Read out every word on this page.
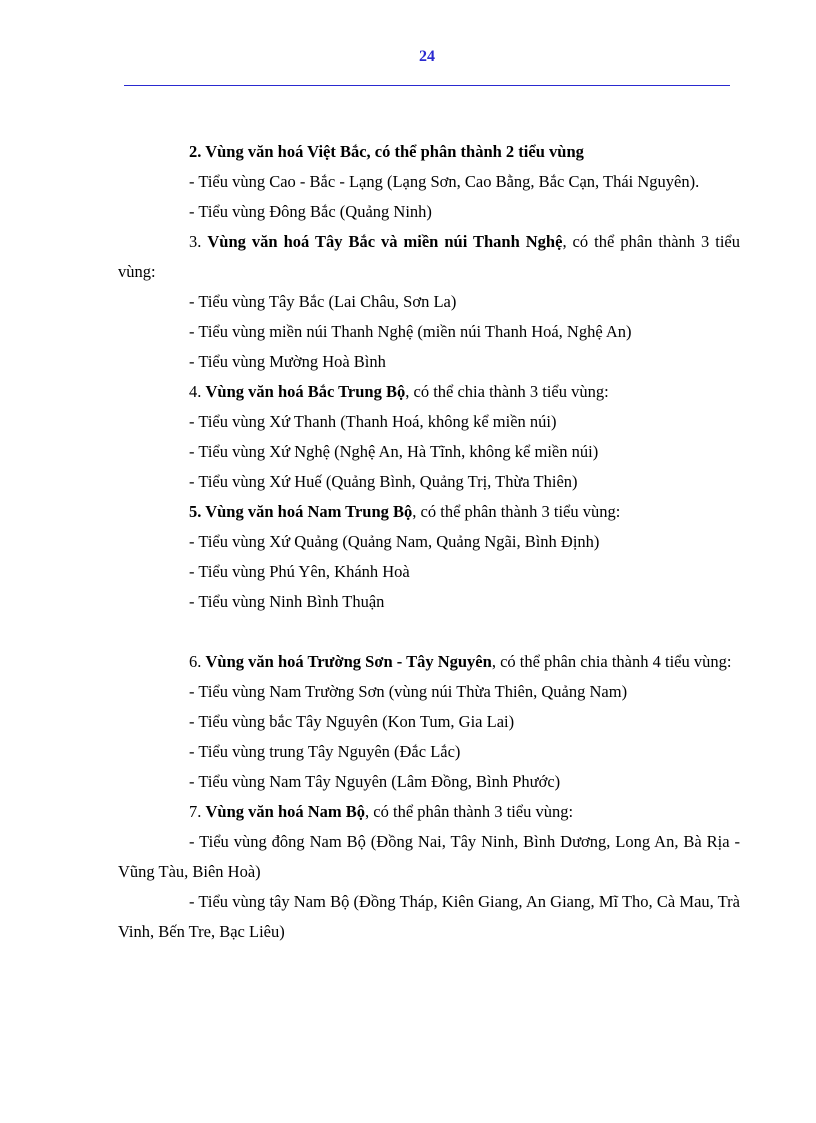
24
2. Vùng văn hoá Việt Bắc, có thể phân thành 2 tiểu vùng
- Tiểu vùng Cao - Bắc - Lạng (Lạng Sơn, Cao Bằng, Bắc Cạn, Thái Nguyên).
- Tiểu vùng Đông Bắc (Quảng Ninh)
3. Vùng văn hoá Tây Bắc và miền núi Thanh Nghệ, có thể phân thành 3 tiểu vùng:
- Tiểu vùng Tây Bắc (Lai Châu, Sơn La)
- Tiểu vùng miền núi Thanh Nghệ (miền núi Thanh Hoá, Nghệ An)
- Tiểu vùng Mường Hoà Bình
4. Vùng văn hoá Bắc Trung Bộ, có thể chia thành 3 tiểu vùng:
- Tiểu vùng Xứ Thanh (Thanh Hoá, không kể miền núi)
- Tiểu vùng Xứ Nghệ (Nghệ An, Hà Tĩnh, không kể miền núi)
- Tiểu vùng Xứ Huế (Quảng Bình, Quảng Trị, Thừa Thiên)
5. Vùng văn hoá Nam Trung Bộ, có thể phân thành 3 tiểu vùng:
- Tiểu vùng Xứ Quảng (Quảng Nam, Quảng Ngãi, Bình Định)
- Tiểu vùng Phú Yên, Khánh Hoà
- Tiểu vùng Ninh Bình Thuận
6. Vùng văn hoá Trường Sơn - Tây Nguyên, có thể phân chia thành 4 tiểu vùng:
- Tiểu vùng Nam Trường Sơn (vùng núi Thừa Thiên, Quảng Nam)
- Tiểu vùng bắc Tây Nguyên (Kon Tum, Gia Lai)
- Tiểu vùng trung Tây Nguyên (Đắc Lắc)
- Tiểu vùng Nam Tây Nguyên (Lâm Đồng, Bình Phước)
7. Vùng văn hoá Nam Bộ, có thể phân thành 3 tiểu vùng:
- Tiểu vùng đông Nam Bộ (Đồng Nai, Tây Ninh, Bình Dương, Long An, Bà Rịa - Vũng Tàu, Biên Hoà)
- Tiểu vùng tây Nam Bộ (Đồng Tháp, Kiên Giang, An Giang, Mĩ Tho, Cà Mau, Trà Vinh, Bến Tre, Bạc Liêu)
